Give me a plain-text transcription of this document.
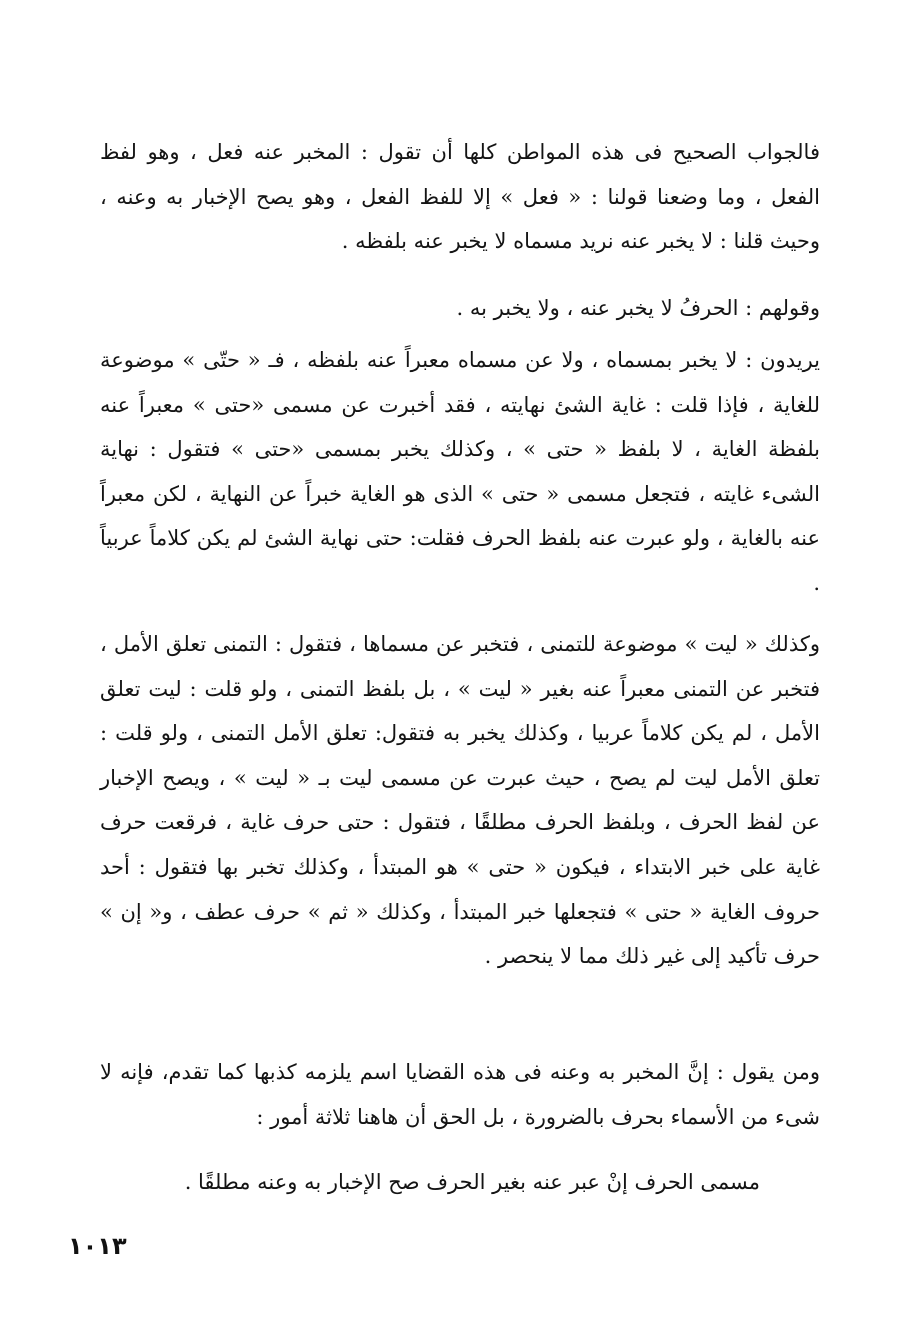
فالجواب الصحيح فى هذه المواطن كلها أن تقول : المخبر عنه فعل ، وهو لفظ الفعل ، وما وضعنا قولنا : « فعل » إلا للفظ الفعل ، وهو يصح الإخبار به وعنه ، وحيث قلنا : لا يخبر عنه نريد مسماه لا يخبر عنه بلفظه .

وقولهم : الحرفُ لا يخبر عنه ، ولا يخبر به .

يريدون : لا يخبر بمسماه ، ولا عن مسماه معبراً عنه بلفظه ، فـ « حتّى » موضوعة للغاية ، فإذا قلت : غاية الشئ نهايته ، فقد أخبرت عن مسمى «حتى » معبراً عنه بلفظة الغاية ، لا بلفظ « حتى » ، وكذلك يخبر بمسمى «حتى » فتقول : نهاية الشىء غايته ، فتجعل مسمى « حتى » الذى هو الغاية خبراً عن النهاية ، لكن معبراً عنه بالغاية ، ولو عبرت عنه بلفظ الحرف فقلت: حتى نهاية الشئ لم يكن كلاماً عربياً .

وكذلك « ليت » موضوعة للتمنى ، فتخبر عن مسماها ، فتقول : التمنى تعلق الأمل ، فتخبر عن التمنى معبراً عنه بغير « ليت » ، بل بلفظ التمنى ، ولو قلت : ليت تعلق الأمل ، لم يكن كلاماً عربيا ، وكذلك يخبر به فتقول: تعلق الأمل التمنى ، ولو قلت : تعلق الأمل ليت لم يصح ، حيث عبرت عن مسمى ليت بـ « ليت » ، ويصح الإخبار عن لفظ الحرف ، وبلفظ الحرف مطلقًا ، فتقول : حتى حرف غاية ، فرقعت حرف غاية على خبر الابتداء ، فيكون « حتى » هو المبتدأ ، وكذلك تخبر بها فتقول : أحد حروف الغاية « حتى » فتجعلها خبر المبتدأ ، وكذلك « ثم » حرف عطف ، و« إن » حرف تأكيد إلى غير ذلك مما لا ينحصر .

ومن يقول : إنَّ المخبر به وعنه فى هذه القضايا اسم يلزمه كذبها كما تقدم، فإنه لا شىء من الأسماء بحرف بالضرورة ، بل الحق أن هاهنا ثلاثة أمور :

مسمى الحرف إنْ عبر عنه بغير الحرف صح الإخبار به وعنه مطلقًا .

١٠١٣
